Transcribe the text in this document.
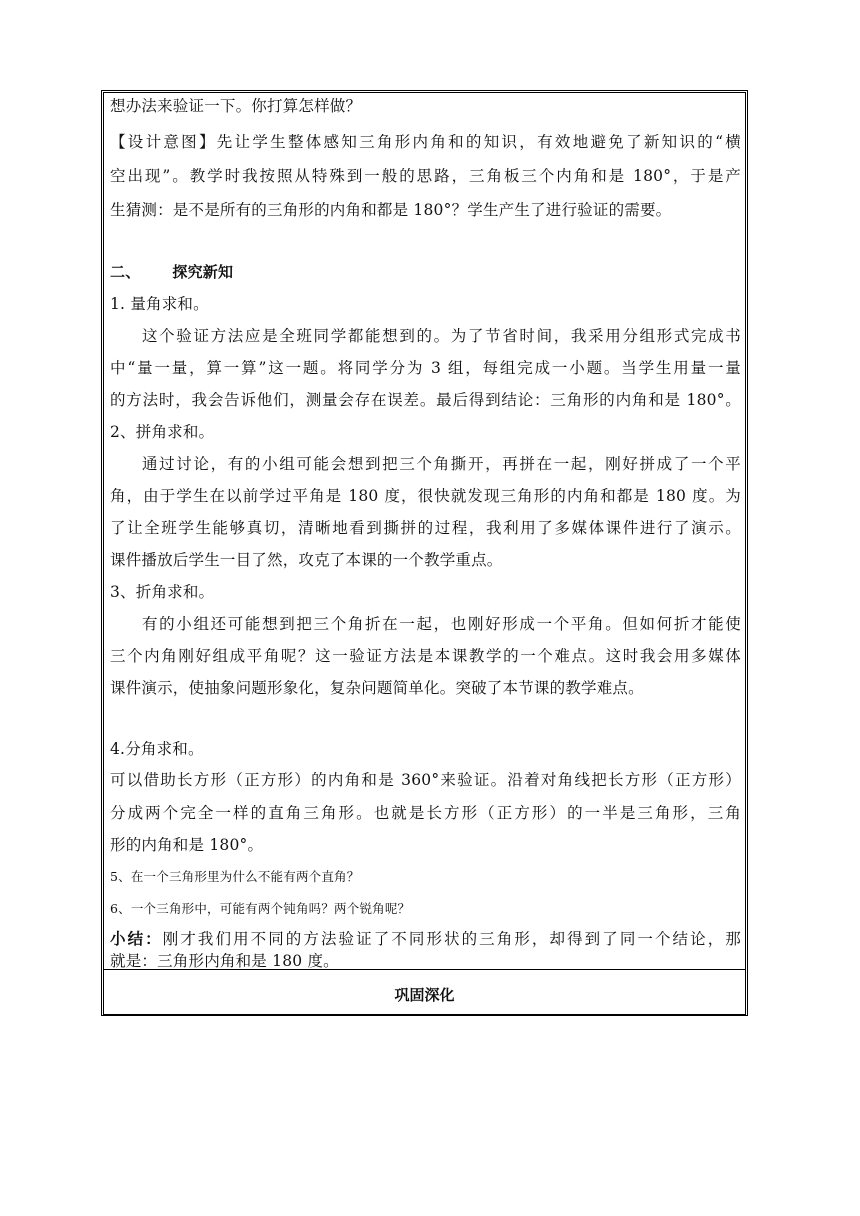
想办法来验证一下。你打算怎样做？
【设计意图】先让学生整体感知三角形内角和的知识，有效地避免了新知识的“横
空出现”。教学时我按照从特殊到一般的思路，三角板三个内角和是 180°，于是产
生猜测：是不是所有的三角形的内角和都是 180°？学生产生了进行验证的需要。
二、 探究新知
1. 量角求和。
这个验证方法应是全班同学都能想到的。为了节省时间，我采用分组形式完成书
中“量一量，算一算”这一题。将同学分为 3 组，每组完成一小题。当学生用量一量
的方法时，我会告诉他们，测量会存在误差。最后得到结论：三角形的内角和是 180°。
2、拼角求和。
通过讨论，有的小组可能会想到把三个角撕开，再拼在一起，刚好拼成了一个平
角，由于学生在以前学过平角是 180 度，很快就发现三角形的内角和都是 180 度。为
了让全班学生能够真切，清晰地看到撕拼的过程，我利用了多媒体课件进行了演示。
课件播放后学生一目了然，攻克了本课的一个教学重点。
3、折角求和。
有的小组还可能想到把三个角折在一起，也刚好形成一个平角。但如何折才能使
三个内角刚好组成平角呢？这一验证方法是本课教学的一个难点。这时我会用多媒体
课件演示，使抽象问题形象化，复杂问题简单化。突破了本节课的教学难点。
4.分角求和。
可以借助长方形（正方形）的内角和是 360°来验证。沿着对角线把长方形（正方形）
分成两个完全一样的直角三角形。也就是长方形（正方形）的一半是三角形，三角
形的内角和是 180°。
5、在一个三角形里为什么不能有两个直角？
6、一个三角形中，可能有两个钝角吗？两个锐角呢？
小结：刚才我们用不同的方法验证了不同形状的三角形，却得到了同一个结论，那
就是：三角形内角和是 180 度。
巩固深化
